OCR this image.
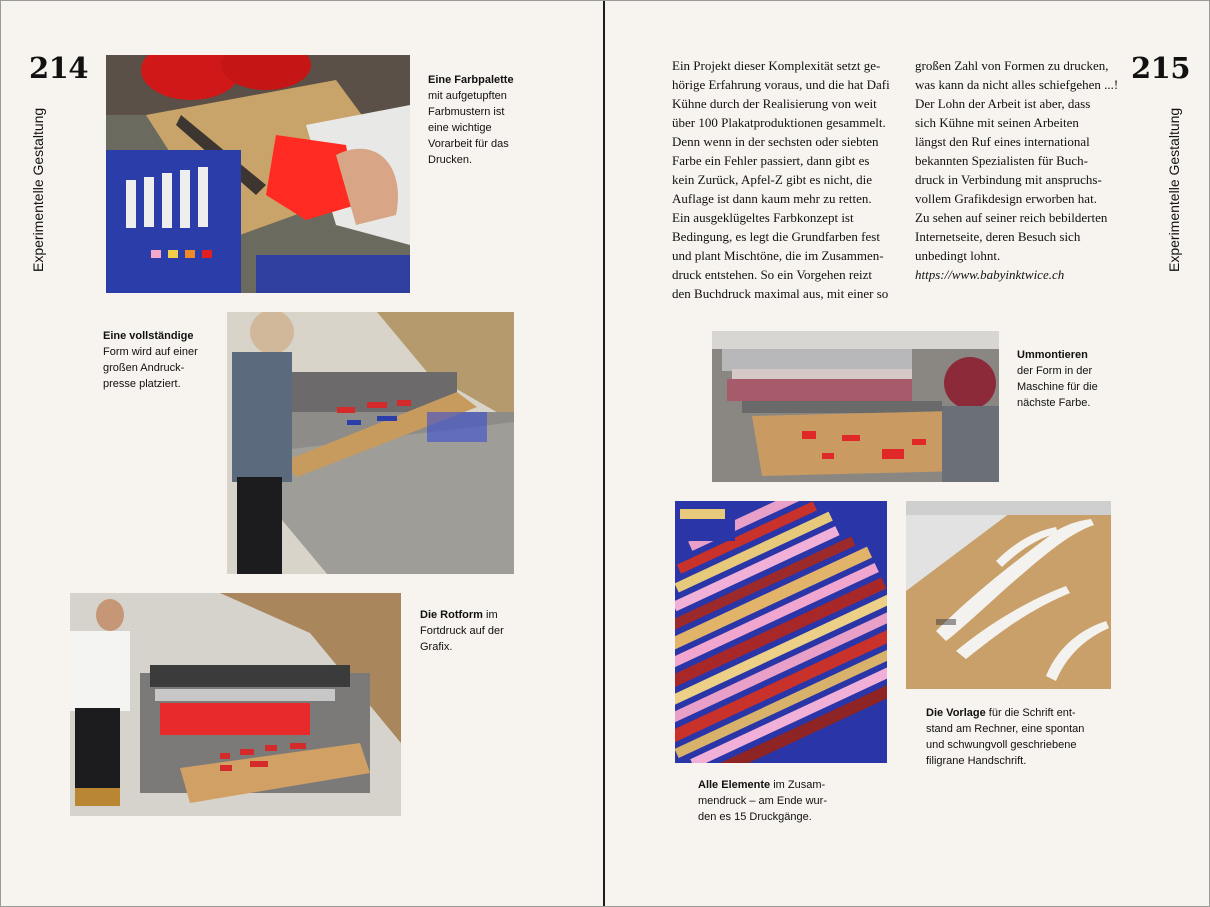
214
Experimentelle Gestaltung
Eine Farbpalette
mit aufgetupften
Farbmustern ist
eine wichtige
Vorarbeit für das
Drucken.
Eine vollständige
Form wird auf einer
großen Andruck-
presse platziert.
Die Rotform im
Fortdruck auf der
Grafix.
Ein Projekt dieser Komplexität setzt ge-
hörige Erfahrung voraus, und die hat Dafi
Kühne durch der Realisierung von weit
über 100 Plakatproduktionen gesammelt.
Denn wenn in der sechsten oder siebten
Farbe ein Fehler passiert, dann gibt es
kein Zurück, Apfel-Z gibt es nicht, die
Auflage ist dann kaum mehr zu retten.
Ein ausgeklügeltes Farbkonzept ist
Bedingung, es legt die Grundfarben fest
und plant Mischtöne, die im Zusammen-
druck entstehen. So ein Vorgehen reizt
den Buchdruck maximal aus, mit einer so
großen Zahl von Formen zu drucken,
was kann da nicht alles schiefgehen ...!
Der Lohn der Arbeit ist aber, dass
sich Kühne mit seinen Arbeiten
längst den Ruf eines international
bekannten Spezialisten für Buch-
druck in Verbindung mit anspruchs-
vollem Grafikdesign erworben hat.
Zu sehen auf seiner reich bebilderten
Internetseite, deren Besuch sich
unbedingt lohnt.
https://www.babyinktwice.ch
215
Experimentelle Gestaltung
Ummontieren
der Form in der
Maschine für die
nächste Farbe.
Alle Elemente im Zusam-
mendruck – am Ende wur-
den es 15 Druckgänge.
Die Vorlage für die Schrift ent-
stand am Rechner, eine spontan
und schwungvoll geschriebene
filigrane Handschrift.
